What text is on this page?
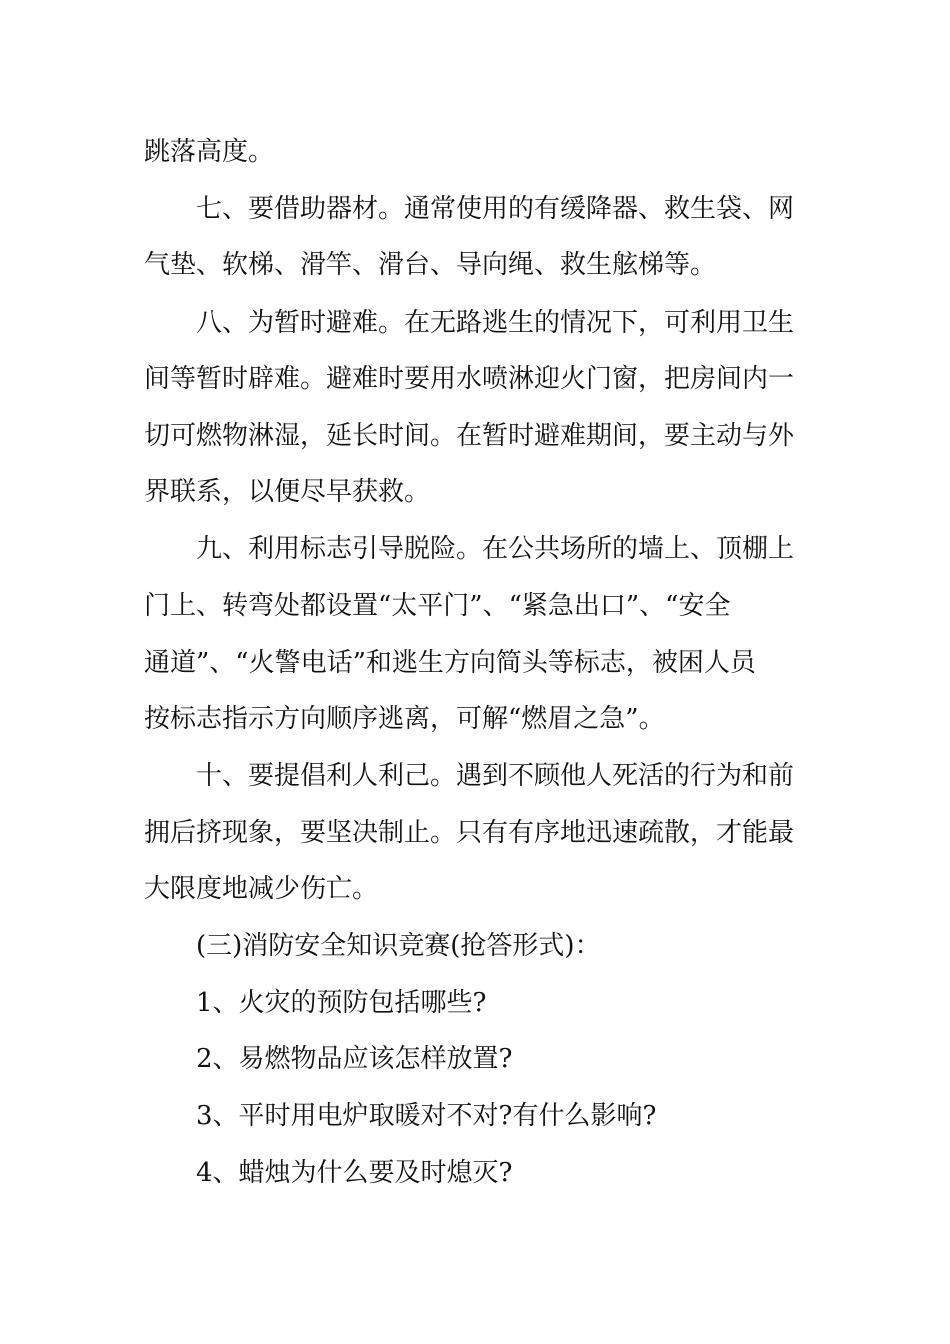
跳落高度。
七、要借助器材。通常使用的有缓降器、救生袋、网
气垫、软梯、滑竿、滑台、导向绳、救生舷梯等。
八、为暂时避难。在无路逃生的情况下，可利用卫生
间等暂时辟难。避难时要用水喷淋迎火门窗，把房间内一
切可燃物淋湿，延长时间。在暂时避难期间，要主动与外
界联系，以便尽早获救。
九、利用标志引导脱险。在公共场所的墙上、顶棚上
门上、转弯处都设置“太平门”、“紧急出口”、“安全
通道”、“火警电话”和逃生方向简头等标志，被困人员
按标志指示方向顺序逃离，可解“燃眉之急”。
十、要提倡利人利己。遇到不顾他人死活的行为和前
拥后挤现象，要坚决制止。只有有序地迅速疏散，才能最
大限度地减少伤亡。
(三)消防安全知识竞赛(抢答形式)：
1、火灾的预防包括哪些?
2、易燃物品应该怎样放置?
3、平时用电炉取暖对不对?有什么影响?
4、蜡烛为什么要及时熄灭?
